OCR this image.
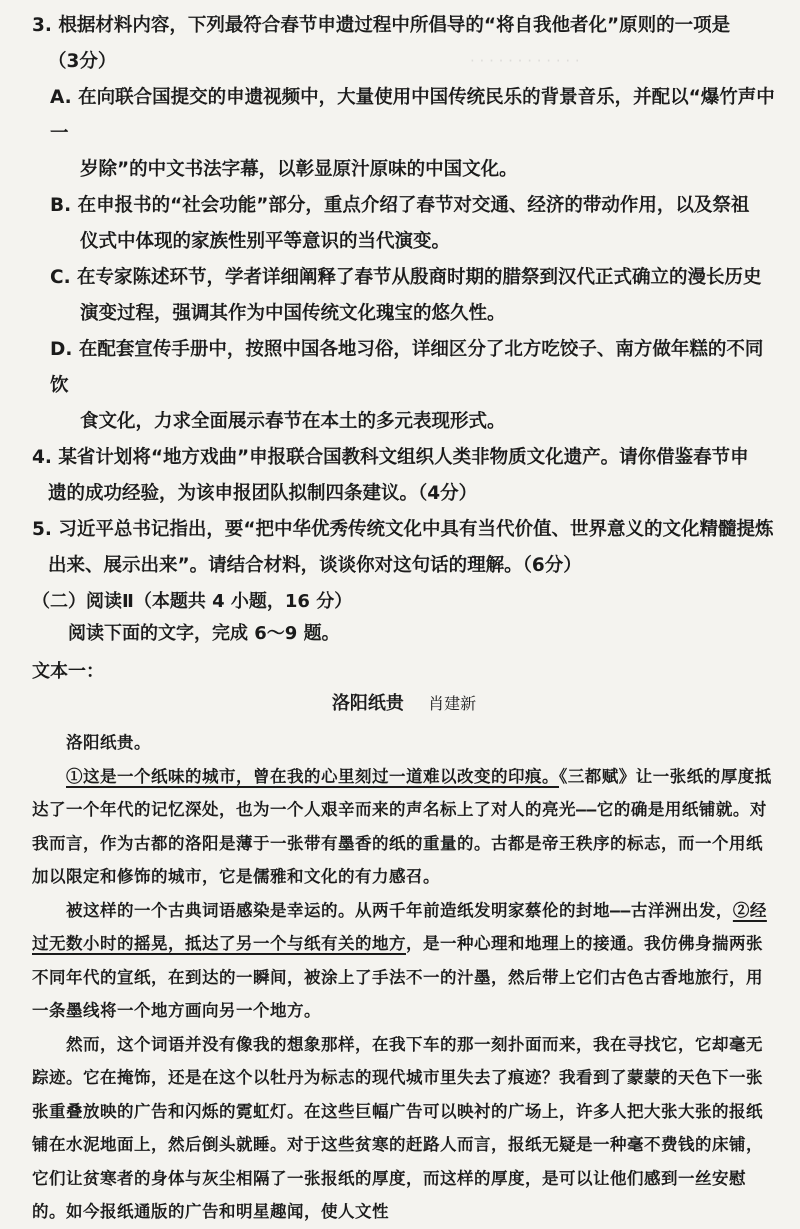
· · · · · · · · · · · ·

3. 根据材料内容，下列最符合春节申遗过程中所倡导的“将自我他者化”原则的一项是
（3分）

A. 在向联合国提交的申遗视频中，大量使用中国传统民乐的背景音乐，并配以“爆竹声中一
岁除”的中文书法字幕，以彰显原汁原味的中国文化。

B. 在申报书的“社会功能”部分，重点介绍了春节对交通、经济的带动作用，以及祭祖
仪式中体现的家族性别平等意识的当代演变。

C. 在专家陈述环节，学者详细阐释了春节从殷商时期的腊祭到汉代正式确立的漫长历史
演变过程，强调其作为中国传统文化瑰宝的悠久性。

D. 在配套宣传手册中，按照中国各地习俗，详细区分了北方吃饺子、南方做年糕的不同饮
食文化，力求全面展示春节在本土的多元表现形式。

4. 某省计划将“地方戏曲”申报联合国教科文组织人类非物质文化遗产。请你借鉴春节申
遗的成功经验，为该申报团队拟制四条建议。（4分）

5. 习近平总书记指出，要“把中华优秀传统文化中具有当代价值、世界意义的文化精髓提炼
出来、展示出来”。请结合材料，谈谈你对这句话的理解。（6分）

（二）阅读Ⅱ（本题共 4 小题，16 分）

阅读下面的文字，完成 6～9 题。

文本一：

洛阳纸贵 肖建新

洛阳纸贵。

①这是一个纸味的城市，曾在我的心里刻过一道难以改变的印痕。《三都赋》让一张纸的厚度抵达了一个年代的记忆深处，也为一个人艰辛而来的声名标上了对人的亮光——它的确是用纸铺就。对我而言，作为古都的洛阳是薄于一张带有墨香的纸的重量的。古都是帝王秩序的标志，而一个用纸加以限定和修饰的城市，它是儒雅和文化的有力感召。

被这样的一个古典词语感染是幸运的。从两千年前造纸发明家蔡伦的封地——古洋洲出发，②经过无数小时的摇晃，抵达了另一个与纸有关的地方，是一种心理和地理上的接通。我仿佛身揣两张不同年代的宣纸，在到达的一瞬间，被涂上了手法不一的汁墨，然后带上它们古色古香地旅行，用一条墨线将一个地方画向另一个地方。

然而，这个词语并没有像我的想象那样，在我下车的那一刻扑面而来，我在寻找它，它却毫无踪迹。它在掩饰，还是在这个以牡丹为标志的现代城市里失去了痕迹？我看到了蒙蒙的天色下一张张重叠放映的广告和闪烁的霓虹灯。在这些巨幅广告可以映衬的广场上，许多人把大张大张的报纸铺在水泥地面上，然后倒头就睡。对于这些贫寒的赶路人而言，报纸无疑是一种毫不费钱的床铺，它们让贫寒者的身体与灰尘相隔了一张报纸的厚度，而这样的厚度，是可以让他们感到一丝安慰的。如今报纸通版的广告和明星趣闻，使人文性
